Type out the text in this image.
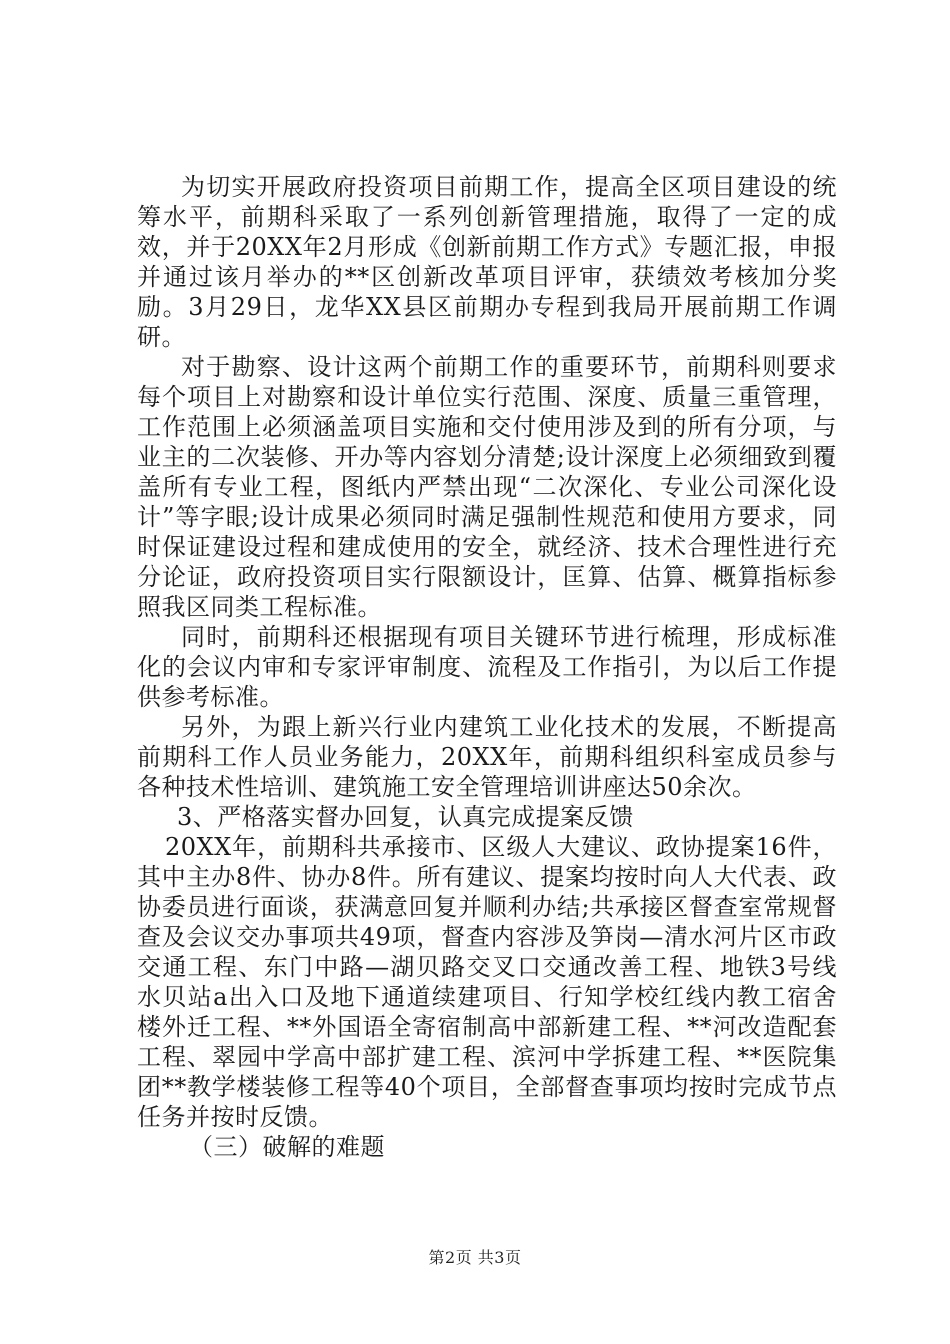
为切实开展政府投资项目前期工作，提高全区项目建设的统筹水平，前期科采取了一系列创新管理措施，取得了一定的成效，并于20XX年2月形成《创新前期工作方式》专题汇报，申报并通过该月举办的**区创新改革项目评审，获绩效考核加分奖励。3月29日，龙华XX县区前期办专程到我局开展前期工作调研。

对于勘察、设计这两个前期工作的重要环节，前期科则要求每个项目上对勘察和设计单位实行范围、深度、质量三重管理，工作范围上必须涵盖项目实施和交付使用涉及到的所有分项，与业主的二次装修、开办等内容划分清楚;设计深度上必须细致到覆盖所有专业工程，图纸内严禁出现“二次深化、专业公司深化设计”等字眼;设计成果必须同时满足强制性规范和使用方要求，同时保证建设过程和建成使用的安全，就经济、技术合理性进行充分论证，政府投资项目实行限额设计，匡算、估算、概算指标参照我区同类工程标准。

同时，前期科还根据现有项目关键环节进行梳理，形成标准化的会议内审和专家评审制度、流程及工作指引，为以后工作提供参考标准。

另外，为跟上新兴行业内建筑工业化技术的发展，不断提高前期科工作人员业务能力，20XX年，前期科组织科室成员参与各种技术性培训、建筑施工安全管理培训讲座达50余次。

3、严格落实督办回复，认真完成提案反馈

20XX年，前期科共承接市、区级人大建议、政协提案16件，其中主办8件、协办8件。所有建议、提案均按时向人大代表、政协委员进行面谈，获满意回复并顺利办结;共承接区督查室常规督查及会议交办事项共49项，督查内容涉及笋岗—清水河片区市政交通工程、东门中路—湖贝路交叉口交通改善工程、地铁3号线水贝站a出入口及地下通道续建项目、行知学校红线内教工宿舍楼外迁工程、**外国语全寄宿制高中部新建工程、**河改造配套工程、翠园中学高中部扩建工程、滨河中学拆建工程、**医院集团**教学楼装修工程等40个项目，全部督查事项均按时完成节点任务并按时反馈。

（三）破解的难题

第2页 共3页
